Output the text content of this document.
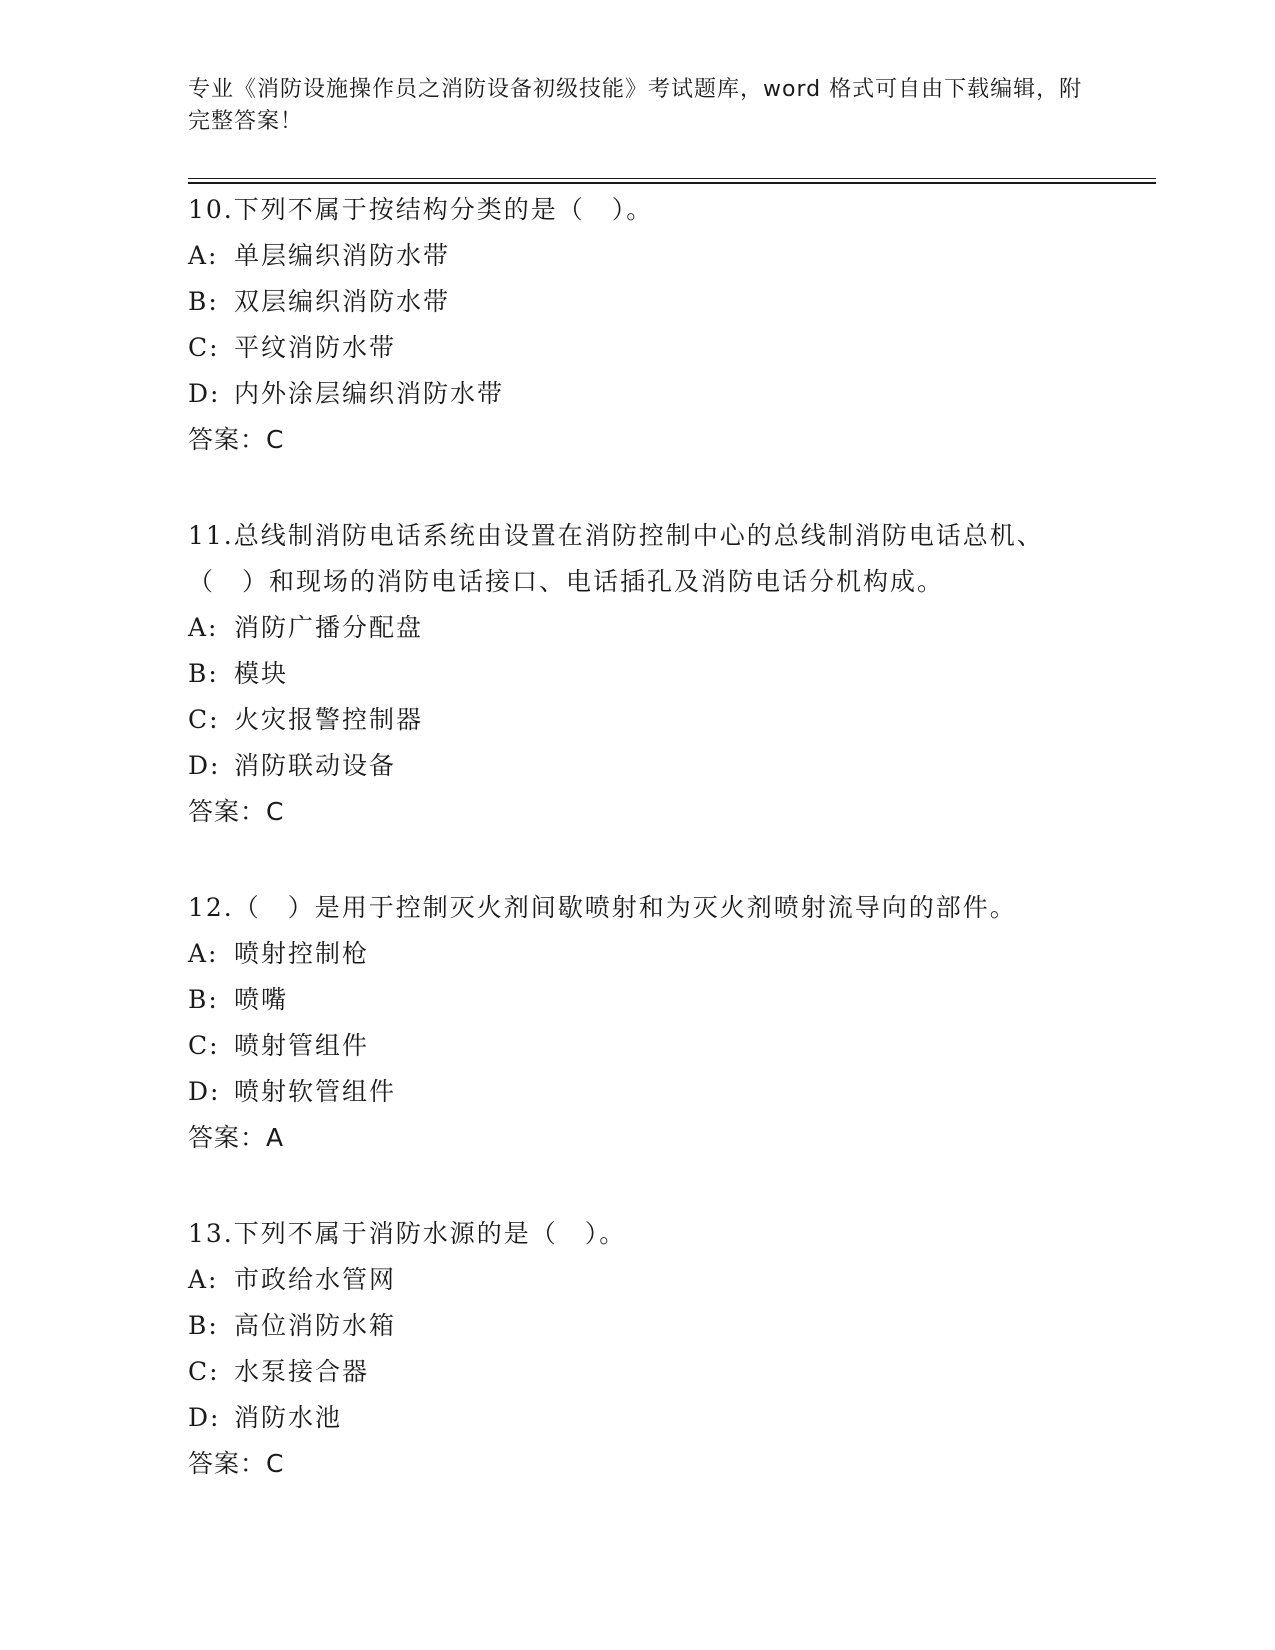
专业《消防设施操作员之消防设备初级技能》考试题库，word 格式可自由下载编辑，附完整答案！

10.下列不属于按结构分类的是（　）。

A: 单层编织消防水带

B: 双层编织消防水带

C: 平纹消防水带

D: 内外涂层编织消防水带

答案：C

11.总线制消防电话系统由设置在消防控制中心的总线制消防电话总机、（　）和现场的消防电话接口、电话插孔及消防电话分机构成。

A: 消防广播分配盘

B: 模块

C: 火灾报警控制器

D: 消防联动设备

答案：C

12.（　）是用于控制灭火剂间歇喷射和为灭火剂喷射流导向的部件。

A: 喷射控制枪

B: 喷嘴

C: 喷射管组件

D: 喷射软管组件

答案：A

13.下列不属于消防水源的是（　）。

A: 市政给水管网

B: 高位消防水箱

C: 水泵接合器

D: 消防水池

答案：C
